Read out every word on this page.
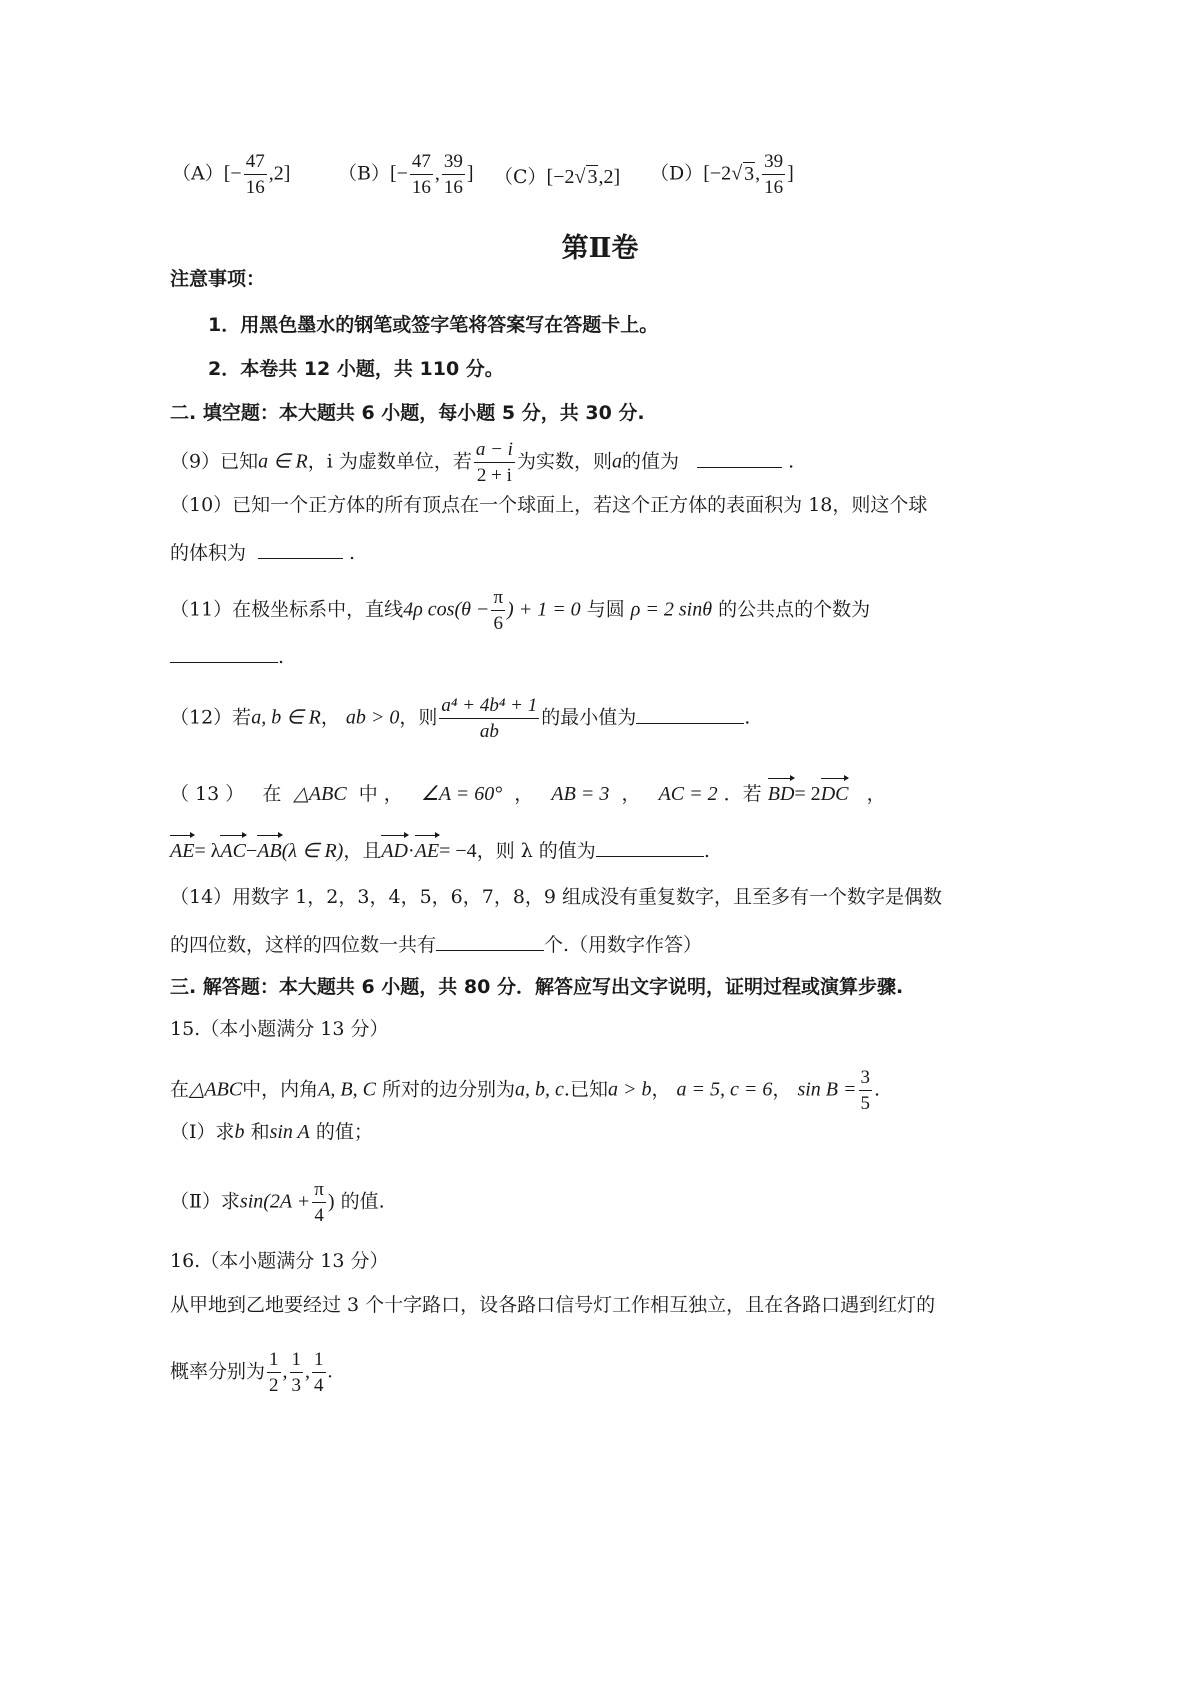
$(A)[- \frac{47}{16} ,2]$	$(B)[- \frac{47}{16}$ , $\frac{39}{16}$ ] （C）[−2√ 3,2] （D）[−2√ 3, $\frac{39}{16}$ ]
第Ⅱ卷
注意事项：
1．用黑色墨水的钢笔或签字笔将答案写在答题卡上。
2．本卷共 12 小题，共 110 分。
二. 填空题：本大题共 6 小题，每小题 5 分，共 30 分.
（9）已知a ∈ R，i 为虚数单位，若 $\frac{a - i}{2 + i}$ 为实数，则a的值为	.
（10）已知一个正方体的所有顶点在一个球面上，若这个正方体的表面积为 18，则这个球
的体积为	.
（11）在极坐标系中，直线4ρ $\cos(\theta - \frac{\pi}{6}$ ) + 1 = 0 与圆 ρ = 2 sinθ 的公共点的个数为
.
（12）若a, b ∈ R， ab > 0，则 $\frac{\text{a⁴ + 4b⁴ + 1}}{ab}$ 的最小值为	.
（ 13 ） 在 △ABC 中 ，   ∠A = 60°  ，   AB = 3  ，   AC = 2 ．若 BD= 2DC   ，
AE= λAC−AB(λ ∈ R)，且AD·AE= −4，则 λ 的值为	.
（14）用数字 1，2，3，4，5，6，7，8，9 组成没有重复数字，且至多有一个数字是偶数
的四位数，这样的四位数一共有	个.（用数字作答）
三. 解答题：本大题共 6 小题，共 80 分．解答应写出文字说明，证明过程或演算步骤.
15.（本小题满分 13 分）
在△ABC中，内角A, B, C 所对的边分别为a, b, c.已知a > b， a = 5, c = 6， $\sin B = \frac{3}{5}$ .
（Ⅰ）求b 和sin A 的值；
（Ⅱ）求$\sin(2A + \frac{\pi}{4}$ ) 的值.
16.（本小题满分 13 分）
从甲地到乙地要经过 3 个十字路口，设各路口信号灯工作相互独立，且在各路口遇到红灯的
概率分别为 $\frac{1}{2}$ , $\frac{1}{3}$ , $\frac{1}{4}$ .
